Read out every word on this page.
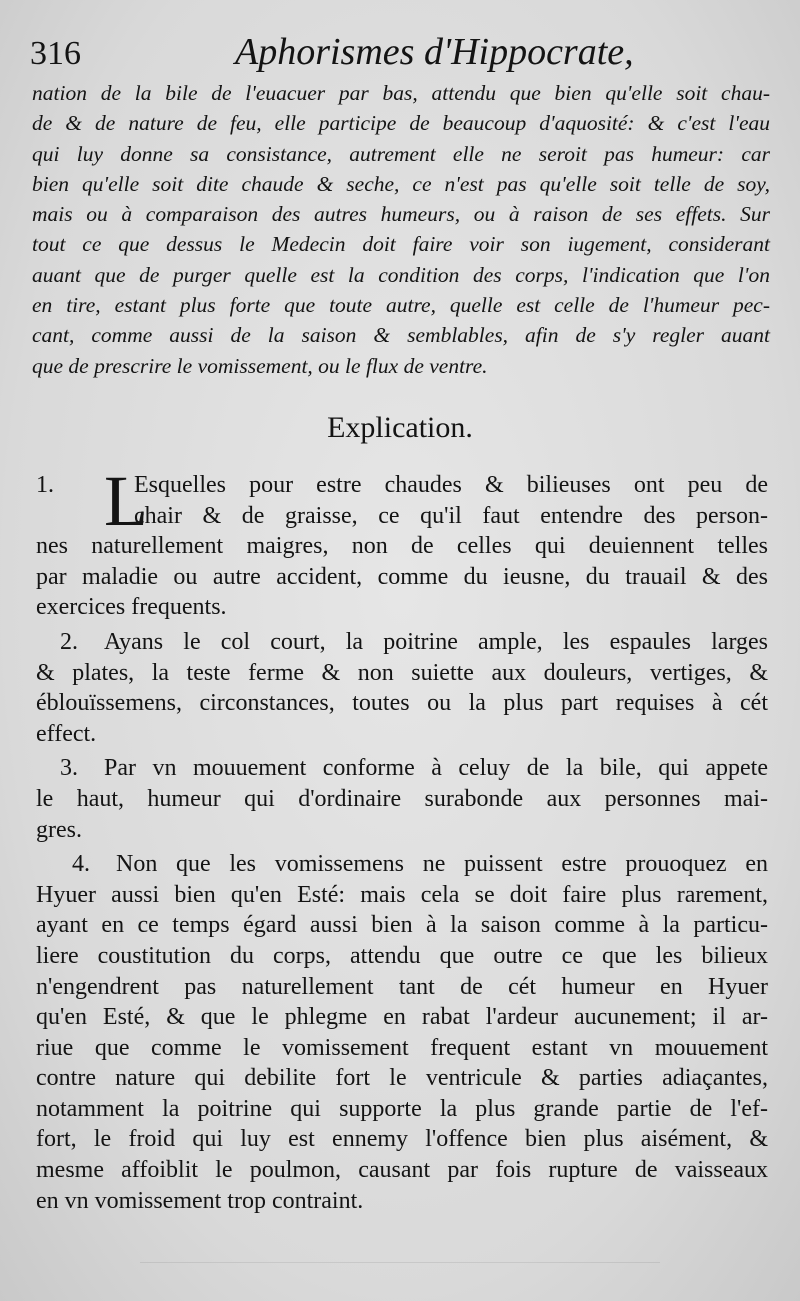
316	Aphorismes d'Hippocrate,
nation de la bile de l'euacuer par bas, attendu que bien qu'elle soit chau-
de & de nature de feu, elle participe de beaucoup d'aquosité: & c'est l'eau
qui luy donne sa consistance, autrement elle ne seroit pas humeur: car
bien qu'elle soit dite chaude & seche, ce n'est pas qu'elle soit telle de soy,
mais ou à comparaison des autres humeurs, ou à raison de ses effets. Sur
tout ce que dessus le Medecin doit faire voir son iugement, considerant
auant que de purger quelle est la condition des corps, l'indication que l'on
en tire, estant plus forte que toute autre, quelle est celle de l'humeur pec-
cant, comme aussi de la saison & semblables, afin de s'y regler auant
que de prescrire le vomissement, ou le flux de ventre.
Explication.
L
1.	Esquelles pour estre chaudes & bilieuses ont peu de
chair & de graisse, ce qu'il faut entendre des person-
nes naturellement maigres, non de celles qui deuiennent telles
par maladie ou autre accident, comme du ieusne, du trauail & des
exercices frequents.
2. Ayans le col court, la poitrine ample, les espaules larges
& plates, la teste ferme & non suiette aux douleurs, vertiges, &
éblouïssemens, circonstances, toutes ou la plus part requises à cét
effect.
3. Par vn mouuement conforme à celuy de la bile, qui appete
le haut, humeur qui d'ordinaire surabonde aux personnes mai-
gres.
4. Non que les vomissemens ne puissent estre prouoquez en
Hyuer aussi bien qu'en Esté: mais cela se doit faire plus rarement,
ayant en ce temps égard aussi bien à la saison comme à la particu-
liere coustitution du corps, attendu que outre ce que les bilieux
n'engendrent pas naturellement tant de cét humeur en Hyuer
qu'en Esté, & que le phlegme en rabat l'ardeur aucunement; il ar-
riue que comme le vomissement frequent estant vn mouuement
contre nature qui debilite fort le ventricule & parties adiaçantes,
notamment la poitrine qui supporte la plus grande partie de l'ef-
fort, le froid qui luy est ennemy l'offence bien plus aisément, &
mesme affoiblit le poulmon, causant par fois rupture de vaisseaux
en vn vomissement trop contraint.
